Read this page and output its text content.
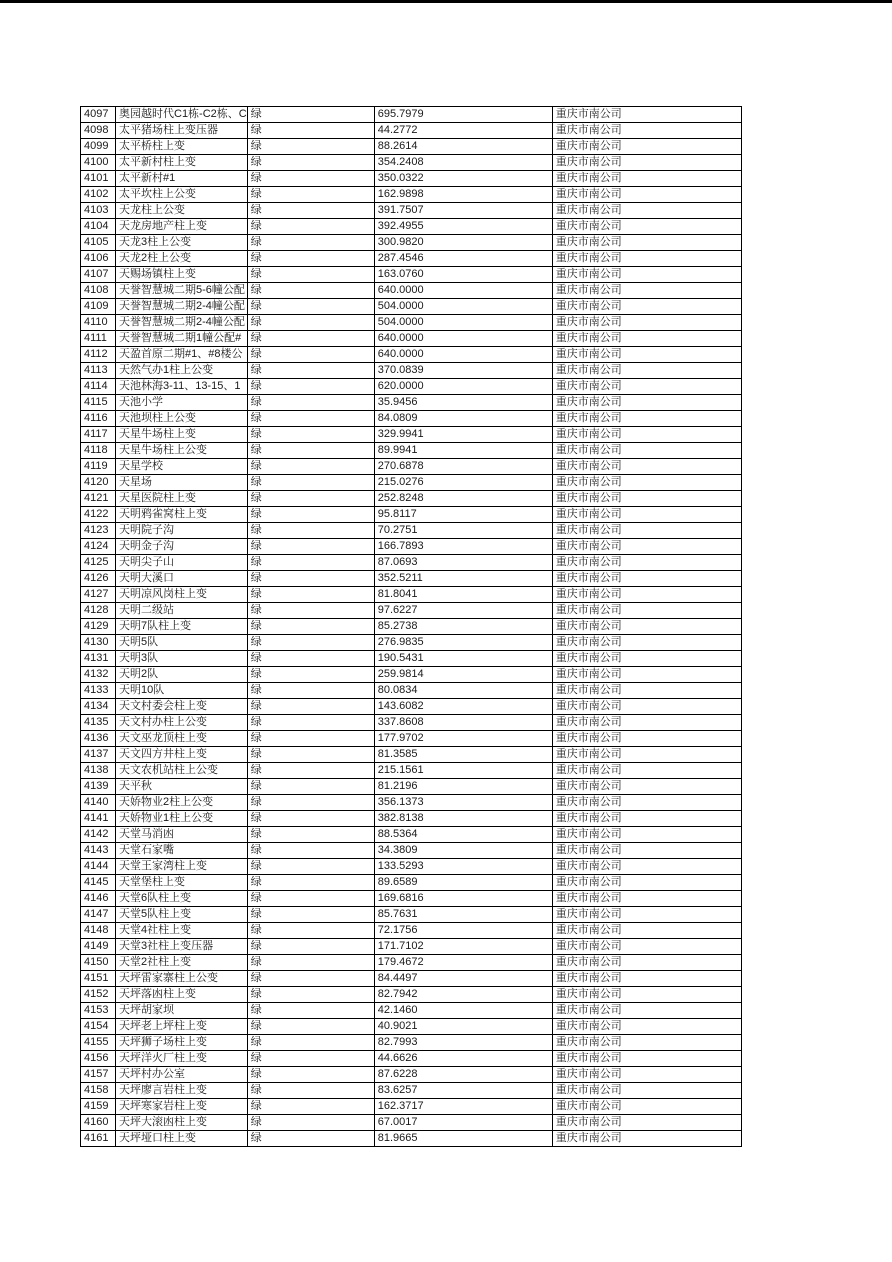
4097	奥园越时代C1栋-C2栋、C	绿	695.7979	重庆市南公司
4098	太平猪场柱上变压器	绿	44.2772	重庆市南公司
4099	太平桥柱上变	绿	88.2614	重庆市南公司
4100	太平新村柱上变	绿	354.2408	重庆市南公司
4101	太平新村#1	绿	350.0322	重庆市南公司
4102	太平坎柱上公变	绿	162.9898	重庆市南公司
4103	天龙柱上公变	绿	391.7507	重庆市南公司
4104	天龙房地产柱上变	绿	392.4955	重庆市南公司
4105	天龙3柱上公变	绿	300.9820	重庆市南公司
4106	天龙2柱上公变	绿	287.4546	重庆市南公司
4107	天赐场镇柱上变	绿	163.0760	重庆市南公司
4108	天誉智慧城二期5-6幢公配	绿	640.0000	重庆市南公司
4109	天誉智慧城二期2-4幢公配	绿	504.0000	重庆市南公司
4110	天誉智慧城二期2-4幢公配	绿	504.0000	重庆市南公司
4111	天誉智慧城二期1幢公配#	绿	640.0000	重庆市南公司
4112	天盈首原二期#1、#8楼公	绿	640.0000	重庆市南公司
4113	天然气办1柱上公变	绿	370.0839	重庆市南公司
4114	天池林海3-11、13-15、1	绿	620.0000	重庆市南公司
4115	天池小学	绿	35.9456	重庆市南公司
4116	天池坝柱上公变	绿	84.0809	重庆市南公司
4117	天星牛场柱上变	绿	329.9941	重庆市南公司
4118	天星牛场柱上公变	绿	89.9941	重庆市南公司
4119	天星学校	绿	270.6878	重庆市南公司
4120	天星场	绿	215.0276	重庆市南公司
4121	天星医院柱上变	绿	252.8248	重庆市南公司
4122	天明鸦雀窝柱上变	绿	95.8117	重庆市南公司
4123	天明院子沟	绿	70.2751	重庆市南公司
4124	天明金子沟	绿	166.7893	重庆市南公司
4125	天明尖子山	绿	87.0693	重庆市南公司
4126	天明大溪口	绿	352.5211	重庆市南公司
4127	天明凉风岗柱上变	绿	81.8041	重庆市南公司
4128	天明二级站	绿	97.6227	重庆市南公司
4129	天明7队柱上变	绿	85.2738	重庆市南公司
4130	天明5队	绿	276.9835	重庆市南公司
4131	天明3队	绿	190.5431	重庆市南公司
4132	天明2队	绿	259.9814	重庆市南公司
4133	天明10队	绿	80.0834	重庆市南公司
4134	天文村委会柱上变	绿	143.6082	重庆市南公司
4135	天文村办柱上公变	绿	337.8608	重庆市南公司
4136	天文巫龙顶柱上变	绿	177.9702	重庆市南公司
4137	天文四方井柱上变	绿	81.3585	重庆市南公司
4138	天文农机站柱上公变	绿	215.1561	重庆市南公司
4139	天平秋	绿	81.2196	重庆市南公司
4140	天娇物业2柱上公变	绿	356.1373	重庆市南公司
4141	天娇物业1柱上公变	绿	382.8138	重庆市南公司
4142	天堂马消凼	绿	88.5364	重庆市南公司
4143	天堂石家嘴	绿	34.3809	重庆市南公司
4144	天堂王家湾柱上变	绿	133.5293	重庆市南公司
4145	天堂堡柱上变	绿	89.6589	重庆市南公司
4146	天堂6队柱上变	绿	169.6816	重庆市南公司
4147	天堂5队柱上变	绿	85.7631	重庆市南公司
4148	天堂4社柱上变	绿	72.1756	重庆市南公司
4149	天堂3社柱上变压器	绿	171.7102	重庆市南公司
4150	天堂2社柱上变	绿	179.4672	重庆市南公司
4151	天坪雷家寨柱上公变	绿	84.4497	重庆市南公司
4152	天坪落凼柱上变	绿	82.7942	重庆市南公司
4153	天坪胡家坝	绿	42.1460	重庆市南公司
4154	天坪老上坪柱上变	绿	40.9021	重庆市南公司
4155	天坪狮子场柱上变	绿	82.7993	重庆市南公司
4156	天坪洋火厂柱上变	绿	44.6626	重庆市南公司
4157	天坪村办公室	绿	87.6228	重庆市南公司
4158	天坪廖言岩柱上变	绿	83.6257	重庆市南公司
4159	天坪寒家岩柱上变	绿	162.3717	重庆市南公司
4160	天坪大滚凼柱上变	绿	67.0017	重庆市南公司
4161	天坪垭口柱上变	绿	81.9665	重庆市南公司
